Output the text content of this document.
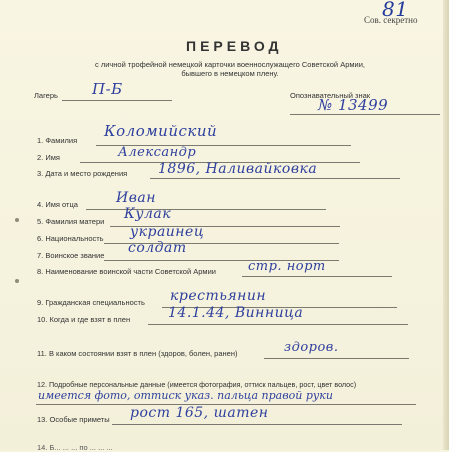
81
Сов. секретно
ПЕРЕВОД
с личной трофейной немецкой карточки военнослужащего Советской Армии,
бывшего в немецком плену.
Лагерь П-Б	Опознавательный знак
№ 13499
1. Фамилия
Коломийский
2. Имя	Александр
3. Дата и место рождения 1896, Наливайковка
4. Имя отца	Иван
5. Фамилия матери Кулак
6. Национальность украинец
7. Воинское звание солдат
8. Наименование воинской части Советской Армии стр. норт
9. Гражданская специальность крестьянин
10. Когда и где взят в плен	14.1.44, Винница
11. В каком состоянии взят в плен (здоров, болен, ранен)	здоров.
12. Подробные персональные данные (имеется фотография, оттиск пальцев, рост, цвет волос)
имеется фото, оттиск указ. пальца правой руки
13. Особые приметы рост 165, шатен
14. Б... ... ... по ... ... ...
